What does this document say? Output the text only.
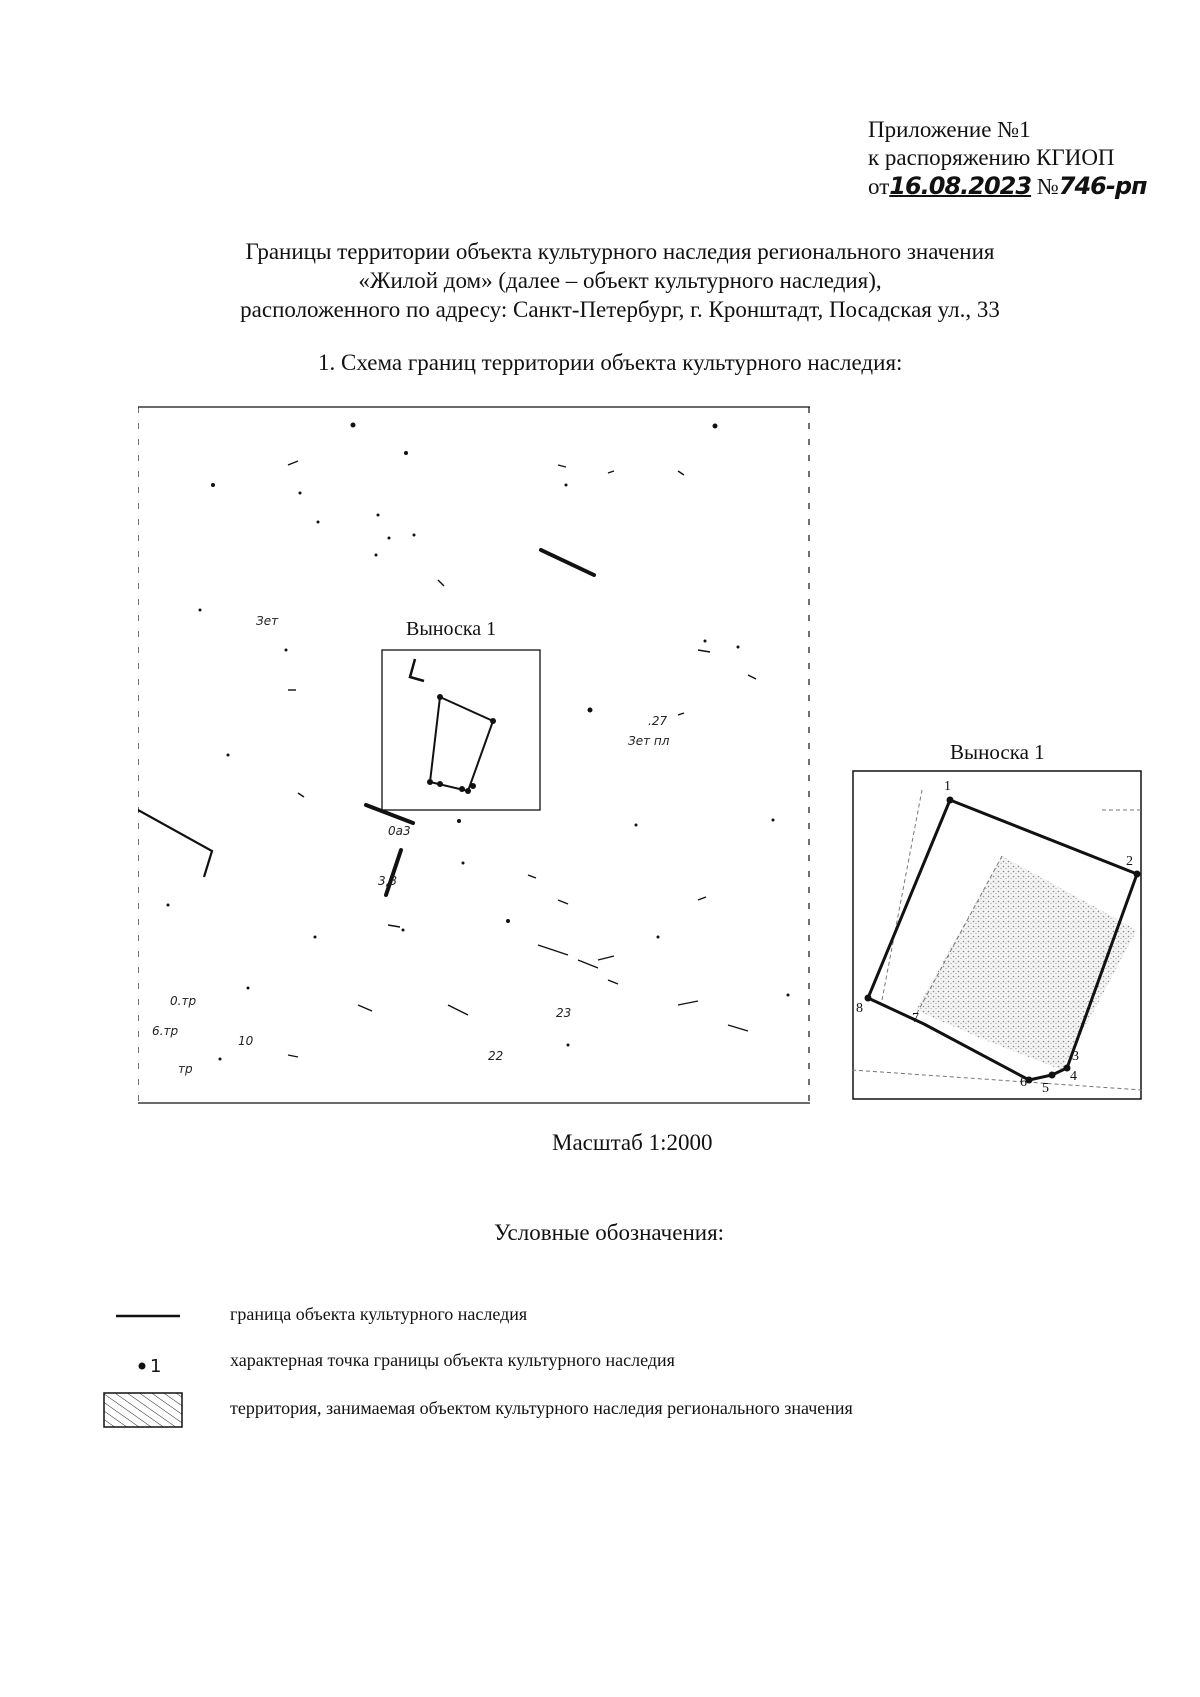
Приложение №1
к распоряжению КГИОП
от16.08.2023 №746-рп
Границы территории объекта культурного наследия регионального значения
«Жилой дом» (далее – объект культурного наследия),
расположенного по адресу: Санкт-Петербург, г. Кронштадт, Посадская ул., 33
1. Схема границ территории объекта культурного наследия:
Выноска 1
Зет
Зет пл
.27
0а3
3,3
23
22
10
0.тр
6.тр
тр
Выноска 1
1
2
3
4
5
6
7
8
Масштаб 1:2000
Условные обозначения:
граница объекта культурного наследия
1	характерная точка границы объекта культурного наследия
территория, занимаемая объектом культурного наследия регионального значения
